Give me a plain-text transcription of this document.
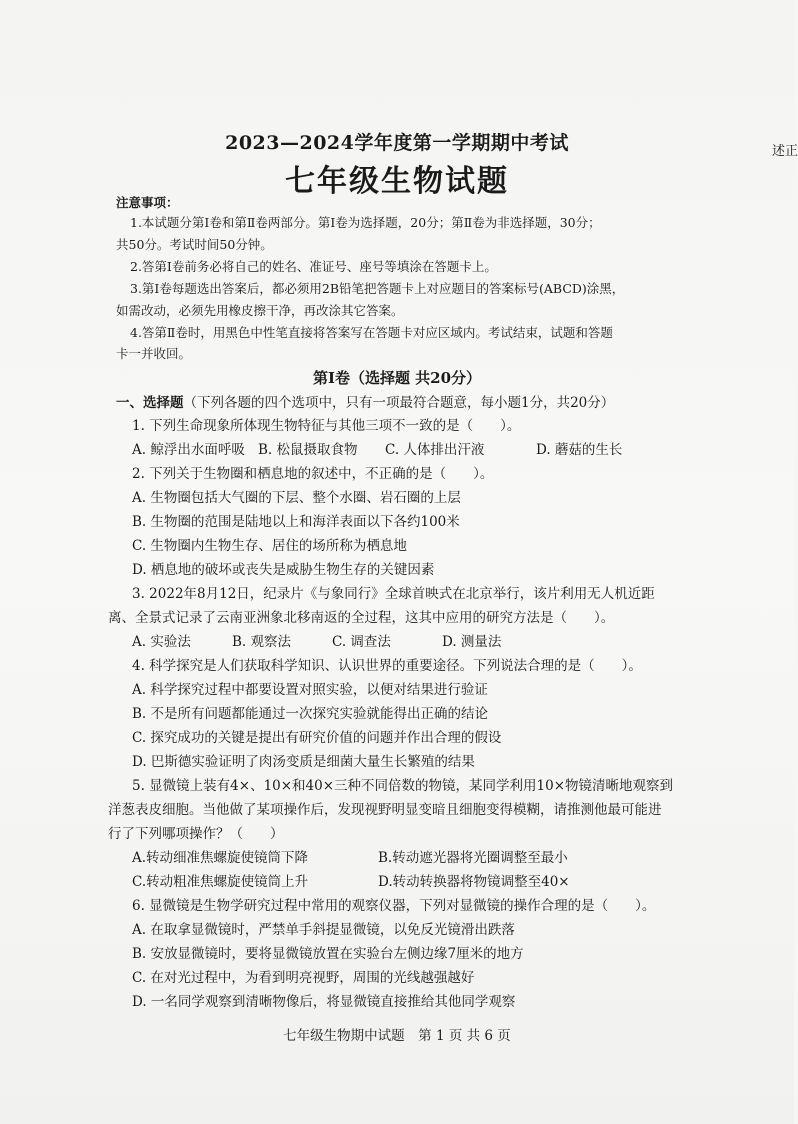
述正
2023—2024学年度第一学期期中考试
七年级生物试题
注意事项：
1.本试题分第Ⅰ卷和第Ⅱ卷两部分。第Ⅰ卷为选择题，20分；第Ⅱ卷为非选择题，30分；
共50分。考试时间50分钟。
2.答第Ⅰ卷前务必将自己的姓名、准证号、座号等填涂在答题卡上。
3.第Ⅰ卷每题选出答案后，都必须用2B铅笔把答题卡上对应题目的答案标号(ABCD)涂黑，
如需改动，必须先用橡皮擦干净，再改涂其它答案。
4.答第Ⅱ卷时，用黑色中性笔直接将答案写在答题卡对应区域内。考试结束，试题和答题
卡一并收回。
第Ⅰ卷（选择题 共20分）
一、选择题（下列各题的四个选项中，只有一项最符合题意，每小题1分，共20分）
1. 下列生命现象所体现生物特征与其他三项不一致的是（　　）。
A. 鲸浮出水面呼吸 B. 松鼠摄取食物 C. 人体排出汗液	D. 蘑菇的生长
2. 下列关于生物圈和栖息地的叙述中，不正确的是（　　）。
A. 生物圈包括大气圈的下层、整个水圈、岩石圈的上层
B. 生物圈的范围是陆地以上和海洋表面以下各约100米
C. 生物圈内生物生存、居住的场所称为栖息地
D. 栖息地的破坏或丧失是威胁生物生存的关键因素
3. 2022年8月12日，纪录片《与象同行》全球首映式在北京举行，该片利用无人机近距
离、全景式记录了云南亚洲象北移南返的全过程，这其中应用的研究方法是（　　）。
A. 实验法	B. 观察法	C. 调查法	D. 测量法
4. 科学探究是人们获取科学知识、认识世界的重要途径。下列说法合理的是（　　）。
A. 科学探究过程中都要设置对照实验，以便对结果进行验证
B. 不是所有问题都能通过一次探究实验就能得出正确的结论
C. 探究成功的关键是提出有研究价值的问题并作出合理的假设
D. 巴斯德实验证明了肉汤变质是细菌大量生长繁殖的结果
5. 显微镜上装有4×、10×和40×三种不同倍数的物镜，某同学利用10×物镜清晰地观察到
洋葱表皮细胞。当他做了某项操作后，发现视野明显变暗且细胞变得模糊，请推测他最可能进
行了下列哪项操作？（　　）
A.转动细准焦螺旋使镜筒下降	B.转动遮光器将光圈调整至最小
C.转动粗准焦螺旋使镜筒上升	D.转动转换器将物镜调整至40×
6. 显微镜是生物学研究过程中常用的观察仪器，下列对显微镜的操作合理的是（　　）。
A. 在取拿显微镜时，严禁单手斜提显微镜，以免反光镜滑出跌落
B. 安放显微镜时，要将显微镜放置在实验台左侧边缘7厘米的地方
C. 在对光过程中，为看到明亮视野，周围的光线越强越好
D. 一名同学观察到清晰物像后，将显微镜直接推给其他同学观察
七年级生物期中试题　第 1 页 共 6 页
